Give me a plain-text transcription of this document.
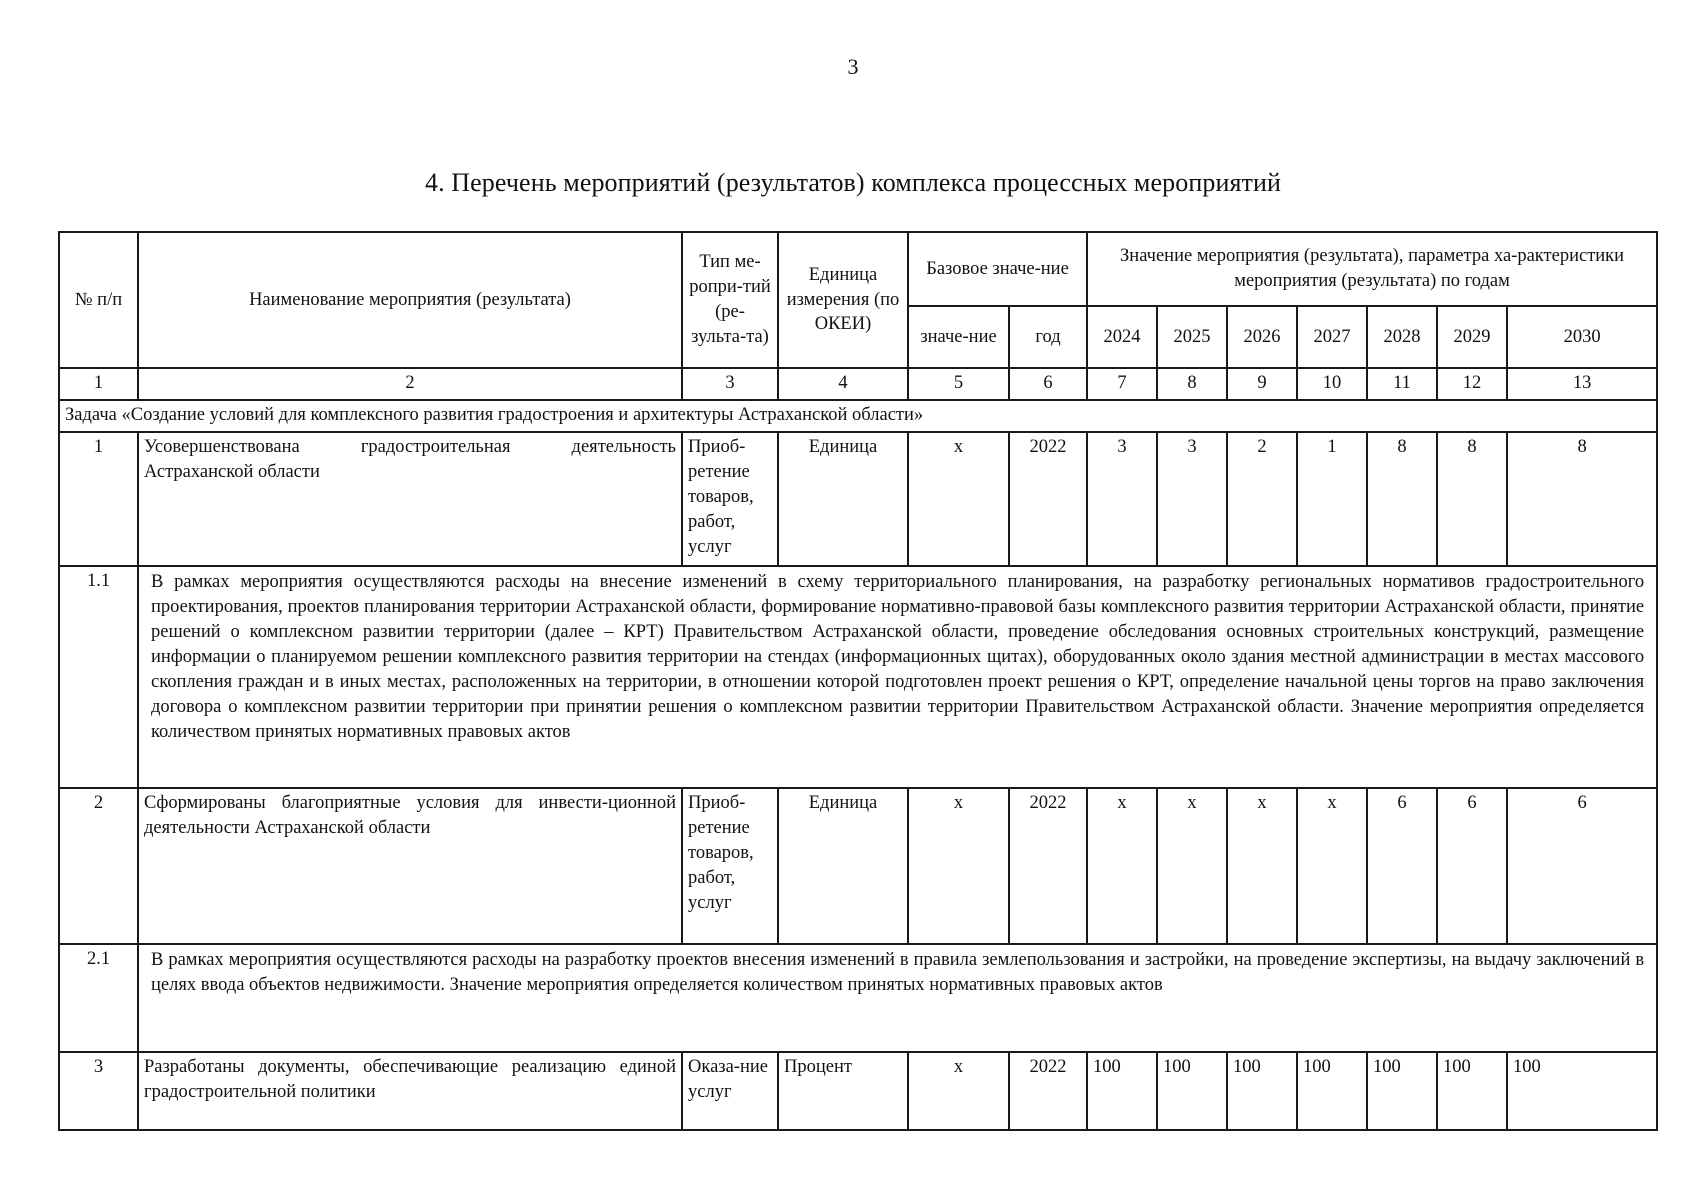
3
4. Перечень мероприятий (результатов) комплекса процессных мероприятий
№ п/п	Наименование мероприятия (результата)	Тип ме-ропри-тий (ре-зульта-та)	Единица измерения (по ОКЕИ)	Базовое значе-ние		Значение мероприятия (результата), параметра ха-рактеристики мероприятия (результата) по годам						
				значе-ние	год	2024	2025	2026	2027	2028	2029	2030
1	2	3	4	5	6	7	8	9	10	11	12	13
Задача «Создание условий для комплексного развития градостроения и архитектуры Астраханской области»												
1	Усовершенствована градостроительная деятельность Астраханской области	Приоб-ретение товаров, работ, услуг	Единица	х	2022	3	3	2	1	8	8	8
1.1	В рамках мероприятия осуществляются расходы на внесение изменений в схему территориального планирования, на разработку региональных нормативов градостроительного проектирования, проектов планирования территории Астраханской области, формирование нормативно-правовой базы комплексного развития территории Астраханской области, принятие решений о комплексном развитии территории (далее – КРТ) Правительством Астраханской области, проведение обследования основных строительных конструкций, размещение информации о планируемом решении комплексного развития территории на стендах (информационных щитах), оборудованных около здания местной администрации в местах массового скопления граждан и в иных местах, расположенных на территории, в отношении которой подготовлен проект решения о КРТ, определение начальной цены торгов на право заключения договора о комплексном развитии территории при принятии решения о комплексном развитии территории Правительством Астраханской области. Значение мероприятия определяется количеством принятых нормативных правовых актов											
2	Сформированы благоприятные условия для инвести-ционной деятельности Астраханской области	Приоб-ретение товаров, работ, услуг	Единица	х	2022	х	х	х	х	6	6	6
2.1	В рамках мероприятия осуществляются расходы на разработку проектов внесения изменений в правила землепользования и застройки, на проведение экспертизы, на выдачу заключений в целях ввода объектов недвижимости. Значение мероприятия определяется количеством принятых нормативных правовых актов											
3	Разработаны документы, обеспечивающие реализацию единой градостроительной политики	Оказа-ние услуг	Процент	х	2022	100	100	100	100	100	100	100
